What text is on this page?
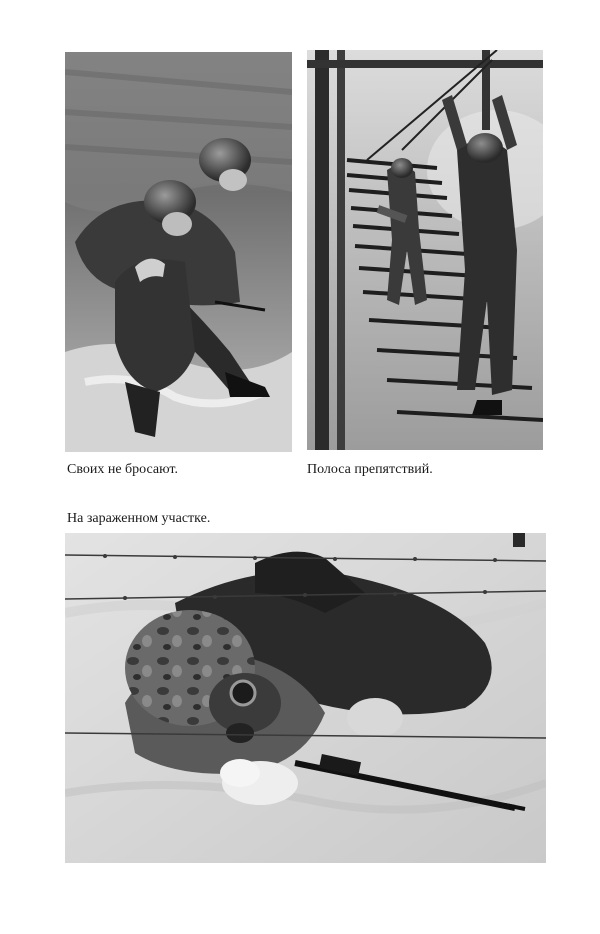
Своих не бросают.	Полоса препятствий.
На зараженном участке.
